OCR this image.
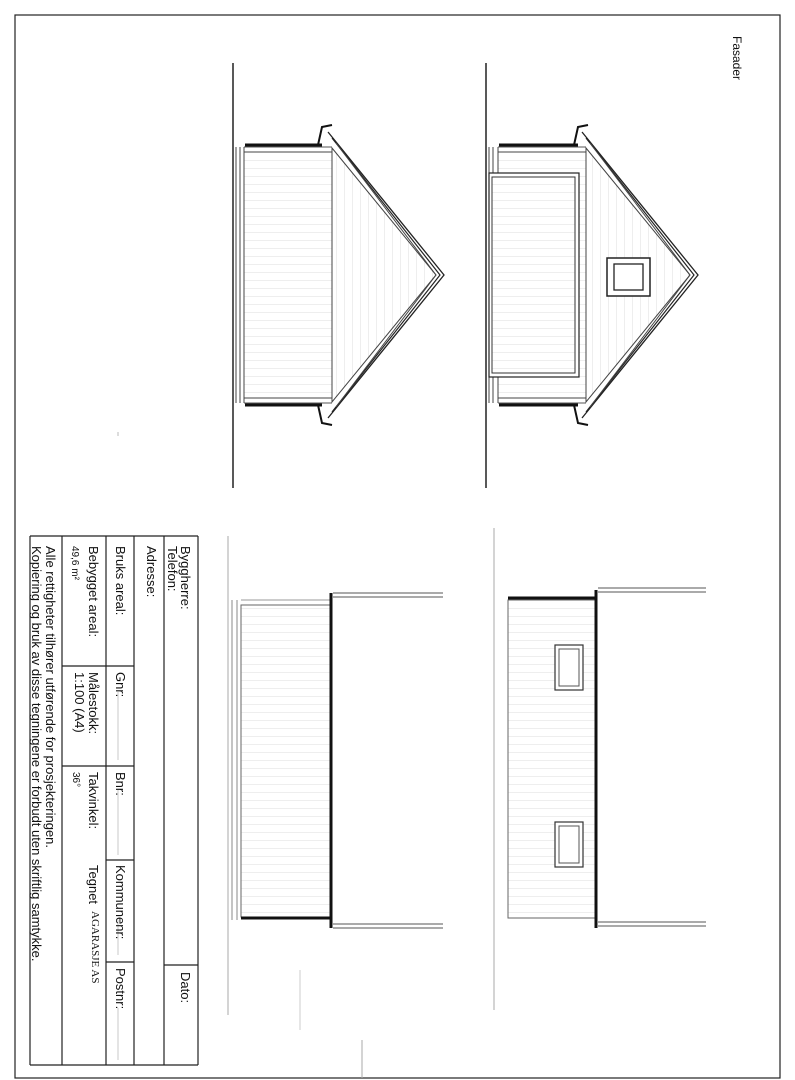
Fasader
Byggherre:
Telefon:
Dato:
Adresse:
Bruks areal:
Gnr:
Bnr:
Kommunenr:
Postnr:
Bebygget areal:
49,6 m²
Målestokk:
1:100 (A4)
Takvinkel:
36°
Tegnet
AGARASJE AS
Alle rettigheter tilhører utførende for prosjekteringen.
Kopiering og bruk av disse tegningene er forbudt uten skriftlig samtykke.
